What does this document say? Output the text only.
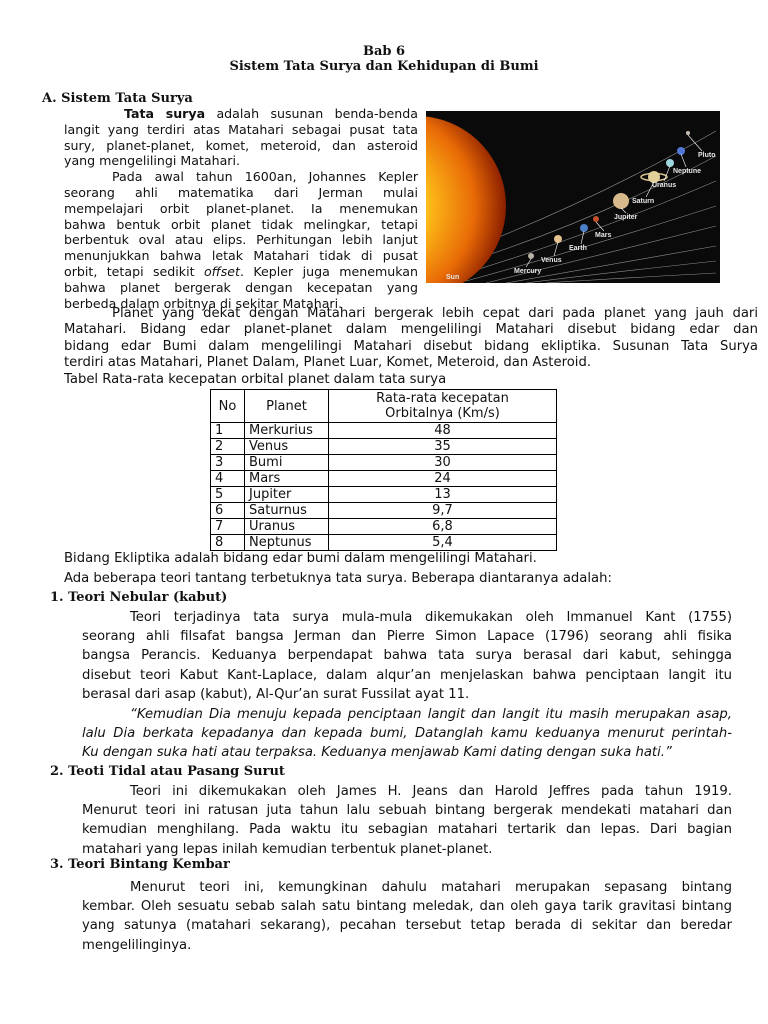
Bab 6
Sistem Tata Surya dan Kehidupan di Bumi
A. Sistem Tata Surya
Tata surya adalah susunan benda-benda
langit yang terdiri atas Matahari sebagai pusat tata
sury, planet-planet, komet, meteroid, dan asteroid
yang mengelilingi Matahari.
Pada awal tahun 1600an, Johannes Kepler
seorang ahli matematika dari Jerman mulai
mempelajari orbit planet-planet. Ia menemukan
bahwa bentuk orbit planet tidak melingkar, tetapi
berbentuk oval atau elips. Perhitungan lebih lanjut
menunjukkan bahwa letak Matahari tidak di pusat
orbit, tetapi sedikit offset. Kepler juga menemukan
bahwa planet bergerak dengan kecepatan yang
berbeda dalam orbitnya di sekitar Matahari.
Sun
Mercury
Venus
Earth
Mars
Jupiter
Saturn
Uranus
Neptune
Pluto
Planet yang dekat dengan Matahari bergerak lebih cepat dari pada planet yang jauh dari
Matahari. Bidang edar planet-planet dalam mengelilingi Matahari disebut bidang edar dan
bidang edar Bumi dalam mengelilingi Matahari disebut bidang ekliptika. Susunan Tata Surya
terdiri atas Matahari, Planet Dalam, Planet Luar, Komet, Meteroid, dan Asteroid.
Tabel Rata-rata kecepatan orbital planet dalam tata surya
No	Planet	Rata-rata kecepatan
Orbitalnya (Km/s)
1	Merkurius	48
2	Venus	35
3	Bumi	30
4	Mars	24
5	Jupiter	13
6	Saturnus	9,7
7	Uranus	6,8
8	Neptunus	5,4
Bidang Ekliptika adalah bidang edar bumi dalam mengelilingi Matahari.
Ada beberapa teori tantang terbetuknya tata surya. Beberapa diantaranya adalah:
1. Teori Nebular (kabut)
Teori terjadinya tata surya mula-mula dikemukakan oleh Immanuel Kant (1755)
seorang ahli filsafat bangsa Jerman dan Pierre Simon Lapace (1796) seorang ahli fisika
bangsa Perancis. Keduanya berpendapat bahwa tata surya berasal dari kabut, sehingga
disebut teori Kabut Kant-Laplace, dalam alqur’an menjelaskan bahwa penciptaan langit itu
berasal dari asap (kabut), Al-Qur’an surat Fussilat ayat 11.
“Kemudian Dia menuju kepada penciptaan langit dan langit itu masih merupakan asap,
lalu Dia berkata kepadanya dan kepada bumi, Datanglah kamu keduanya menurut perintah-
Ku dengan suka hati atau terpaksa. Keduanya menjawab Kami dating dengan suka hati.”
2. Teoti Tidal atau Pasang Surut
Teori ini dikemukakan oleh James H. Jeans dan Harold Jeffres pada tahun 1919.
Menurut teori ini ratusan juta tahun lalu sebuah bintang bergerak mendekati matahari dan
kemudian menghilang. Pada waktu itu sebagian matahari tertarik dan lepas. Dari bagian
matahari yang lepas inilah kemudian terbentuk planet-planet.
3. Teori Bintang Kembar
Menurut teori ini, kemungkinan dahulu matahari merupakan sepasang bintang
kembar. Oleh sesuatu sebab salah satu bintang meledak, dan oleh gaya tarik gravitasi bintang
yang satunya (matahari sekarang), pecahan tersebut tetap berada di sekitar dan beredar
mengelilinginya.
